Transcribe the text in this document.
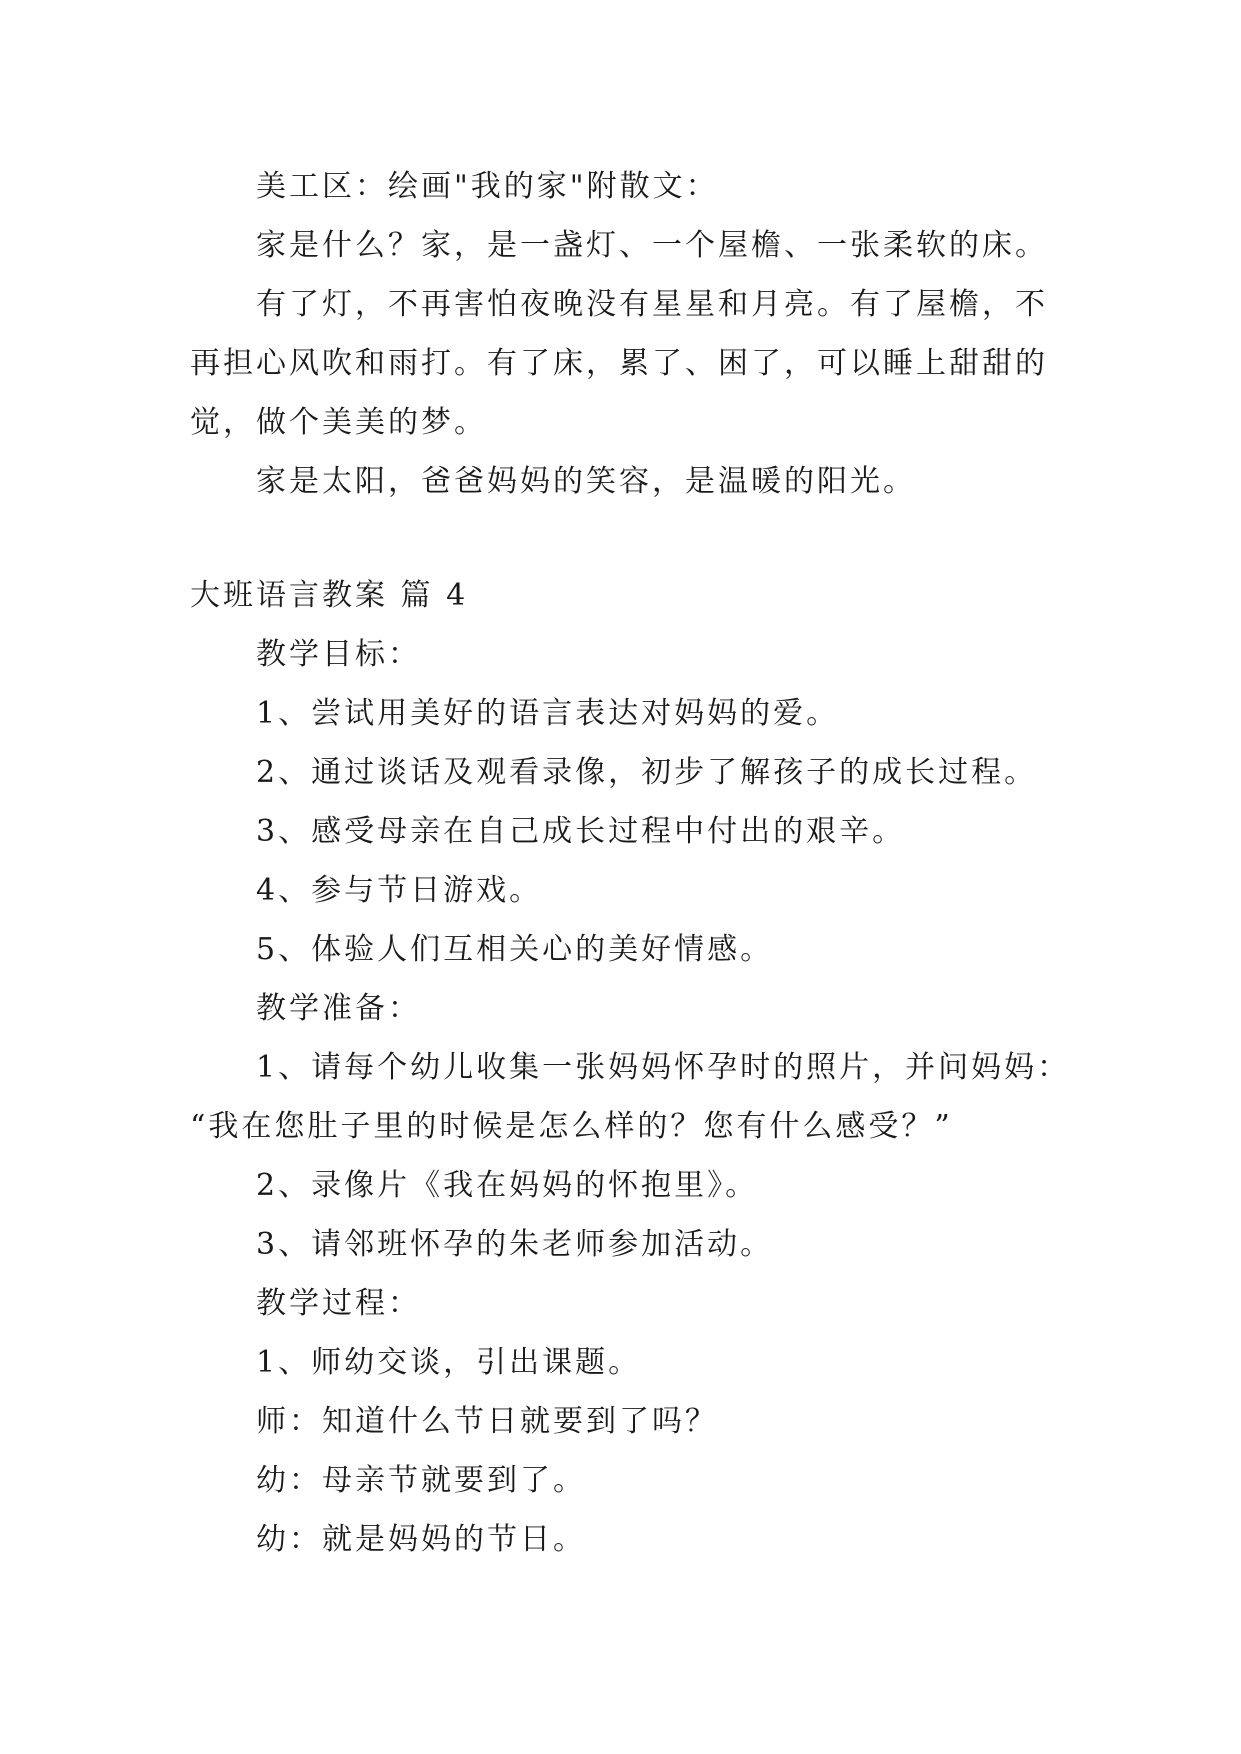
美工区：绘画"我的家"附散文：

家是什么？家，是一盏灯、一个屋檐、一张柔软的床。

有了灯，不再害怕夜晚没有星星和月亮。有了屋檐，不

再担心风吹和雨打。有了床，累了、困了，可以睡上甜甜的

觉，做个美美的梦。

家是太阳，爸爸妈妈的笑容，是温暖的阳光。

大班语言教案 篇 4

教学目标：

1、尝试用美好的语言表达对妈妈的爱。

2、通过谈话及观看录像，初步了解孩子的成长过程。

3、感受母亲在自己成长过程中付出的艰辛。

4、参与节日游戏。

5、体验人们互相关心的美好情感。

教学准备：

1、请每个幼儿收集一张妈妈怀孕时的照片，并问妈妈：

“我在您肚子里的时候是怎么样的？您有什么感受？”

2、录像片《我在妈妈的怀抱里》。

3、请邻班怀孕的朱老师参加活动。

教学过程：

1、师幼交谈，引出课题。

师：知道什么节日就要到了吗？

幼：母亲节就要到了。

幼：就是妈妈的节日。
